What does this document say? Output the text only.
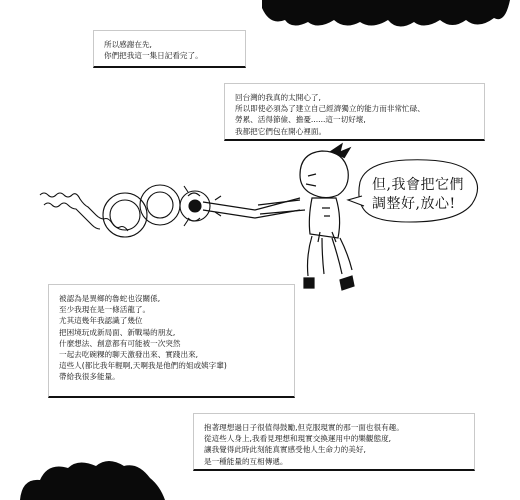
所以感謝在先,
你們把我這一集日記看完了。
回台灣的我真的太開心了,
所以即使必須為了建立自己經濟獨立的能力而非常忙碌、
勞累、活得節儉、擔憂......這一切好壞,
我都把它們包在開心裡面。
但,我會把它們
調整好,放心!
被認為是異鄉的魯蛇也沒關係,
至少我現在是一條活龍了。
尤其這幾年我認識了幾位
把困境玩成新局面、新戰場的朋友,
什麼想法、創意都有可能被一次突然
一起去吃碗粿的聊天激發出來、實踐出來,
這些人(都比我年輕啊,天啊我是他們的姐或姨字輩)
帶給我很多能量。
抱著理想過日子很值得鼓勵,但克服現實的那一面也很有趣。
從這些人身上,我看見理想和現實交換運用中的樂觀態度,
讓我覺得此時此刻能真實感受他人生命力的美好,
是一種能量的互相傳遞。
